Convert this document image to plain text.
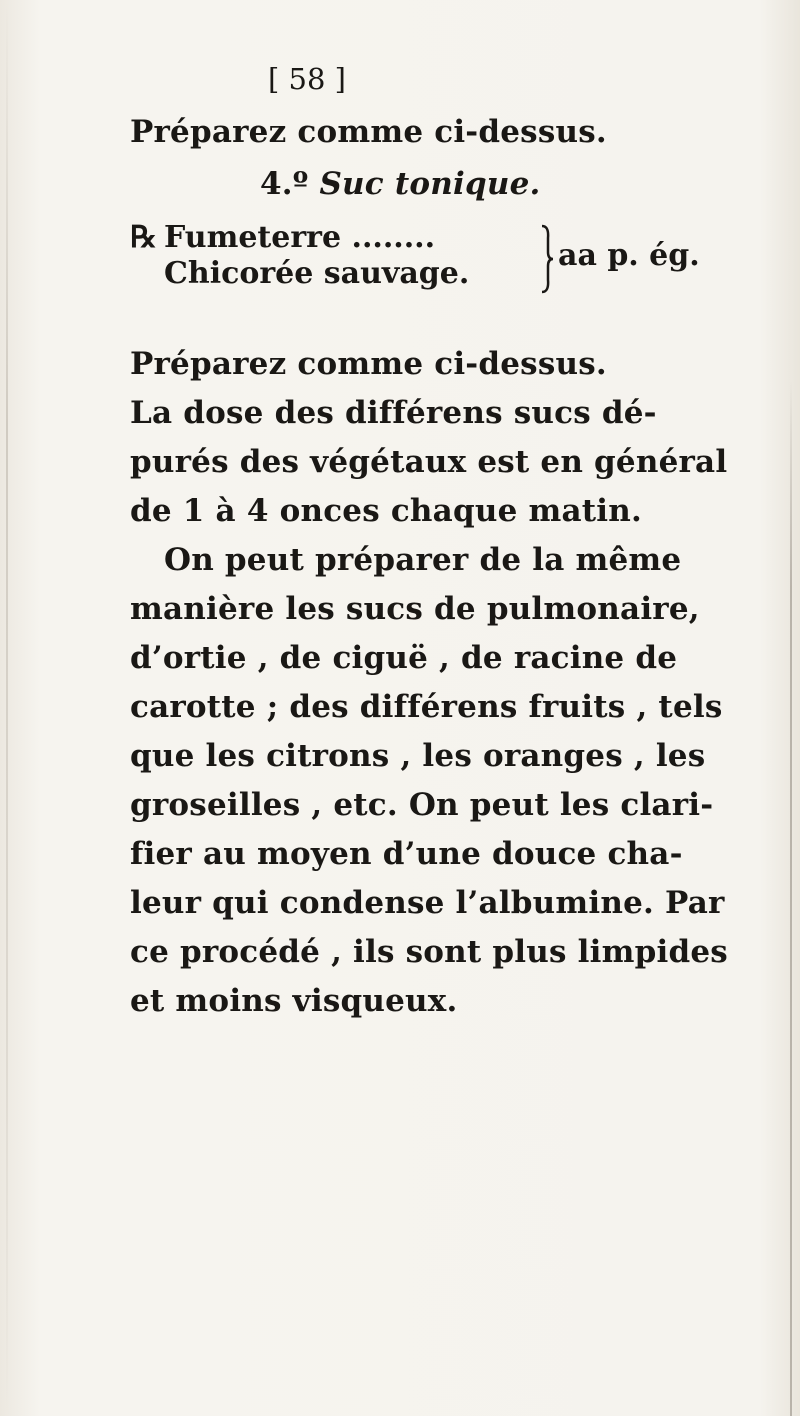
[ 58 ]
Préparez comme ci-dessus.
4.º Suc tonique.
℞ Fumeterre ........
Chicorée sauvage.
aa p. ég.
Préparez comme ci-dessus.
La dose des différens sucs dé-
purés des végétaux est en général
de 1 à 4 onces chaque matin.
On peut préparer de la même
manière les sucs de pulmonaire,
d’ortie , de ciguë , de racine de
carotte ; des différens fruits , tels
que les citrons , les oranges , les
groseilles , etc. On peut les clari-
fier au moyen d’une douce cha-
leur qui condense l’albumine. Par
ce procédé , ils sont plus limpides
et moins visqueux.
